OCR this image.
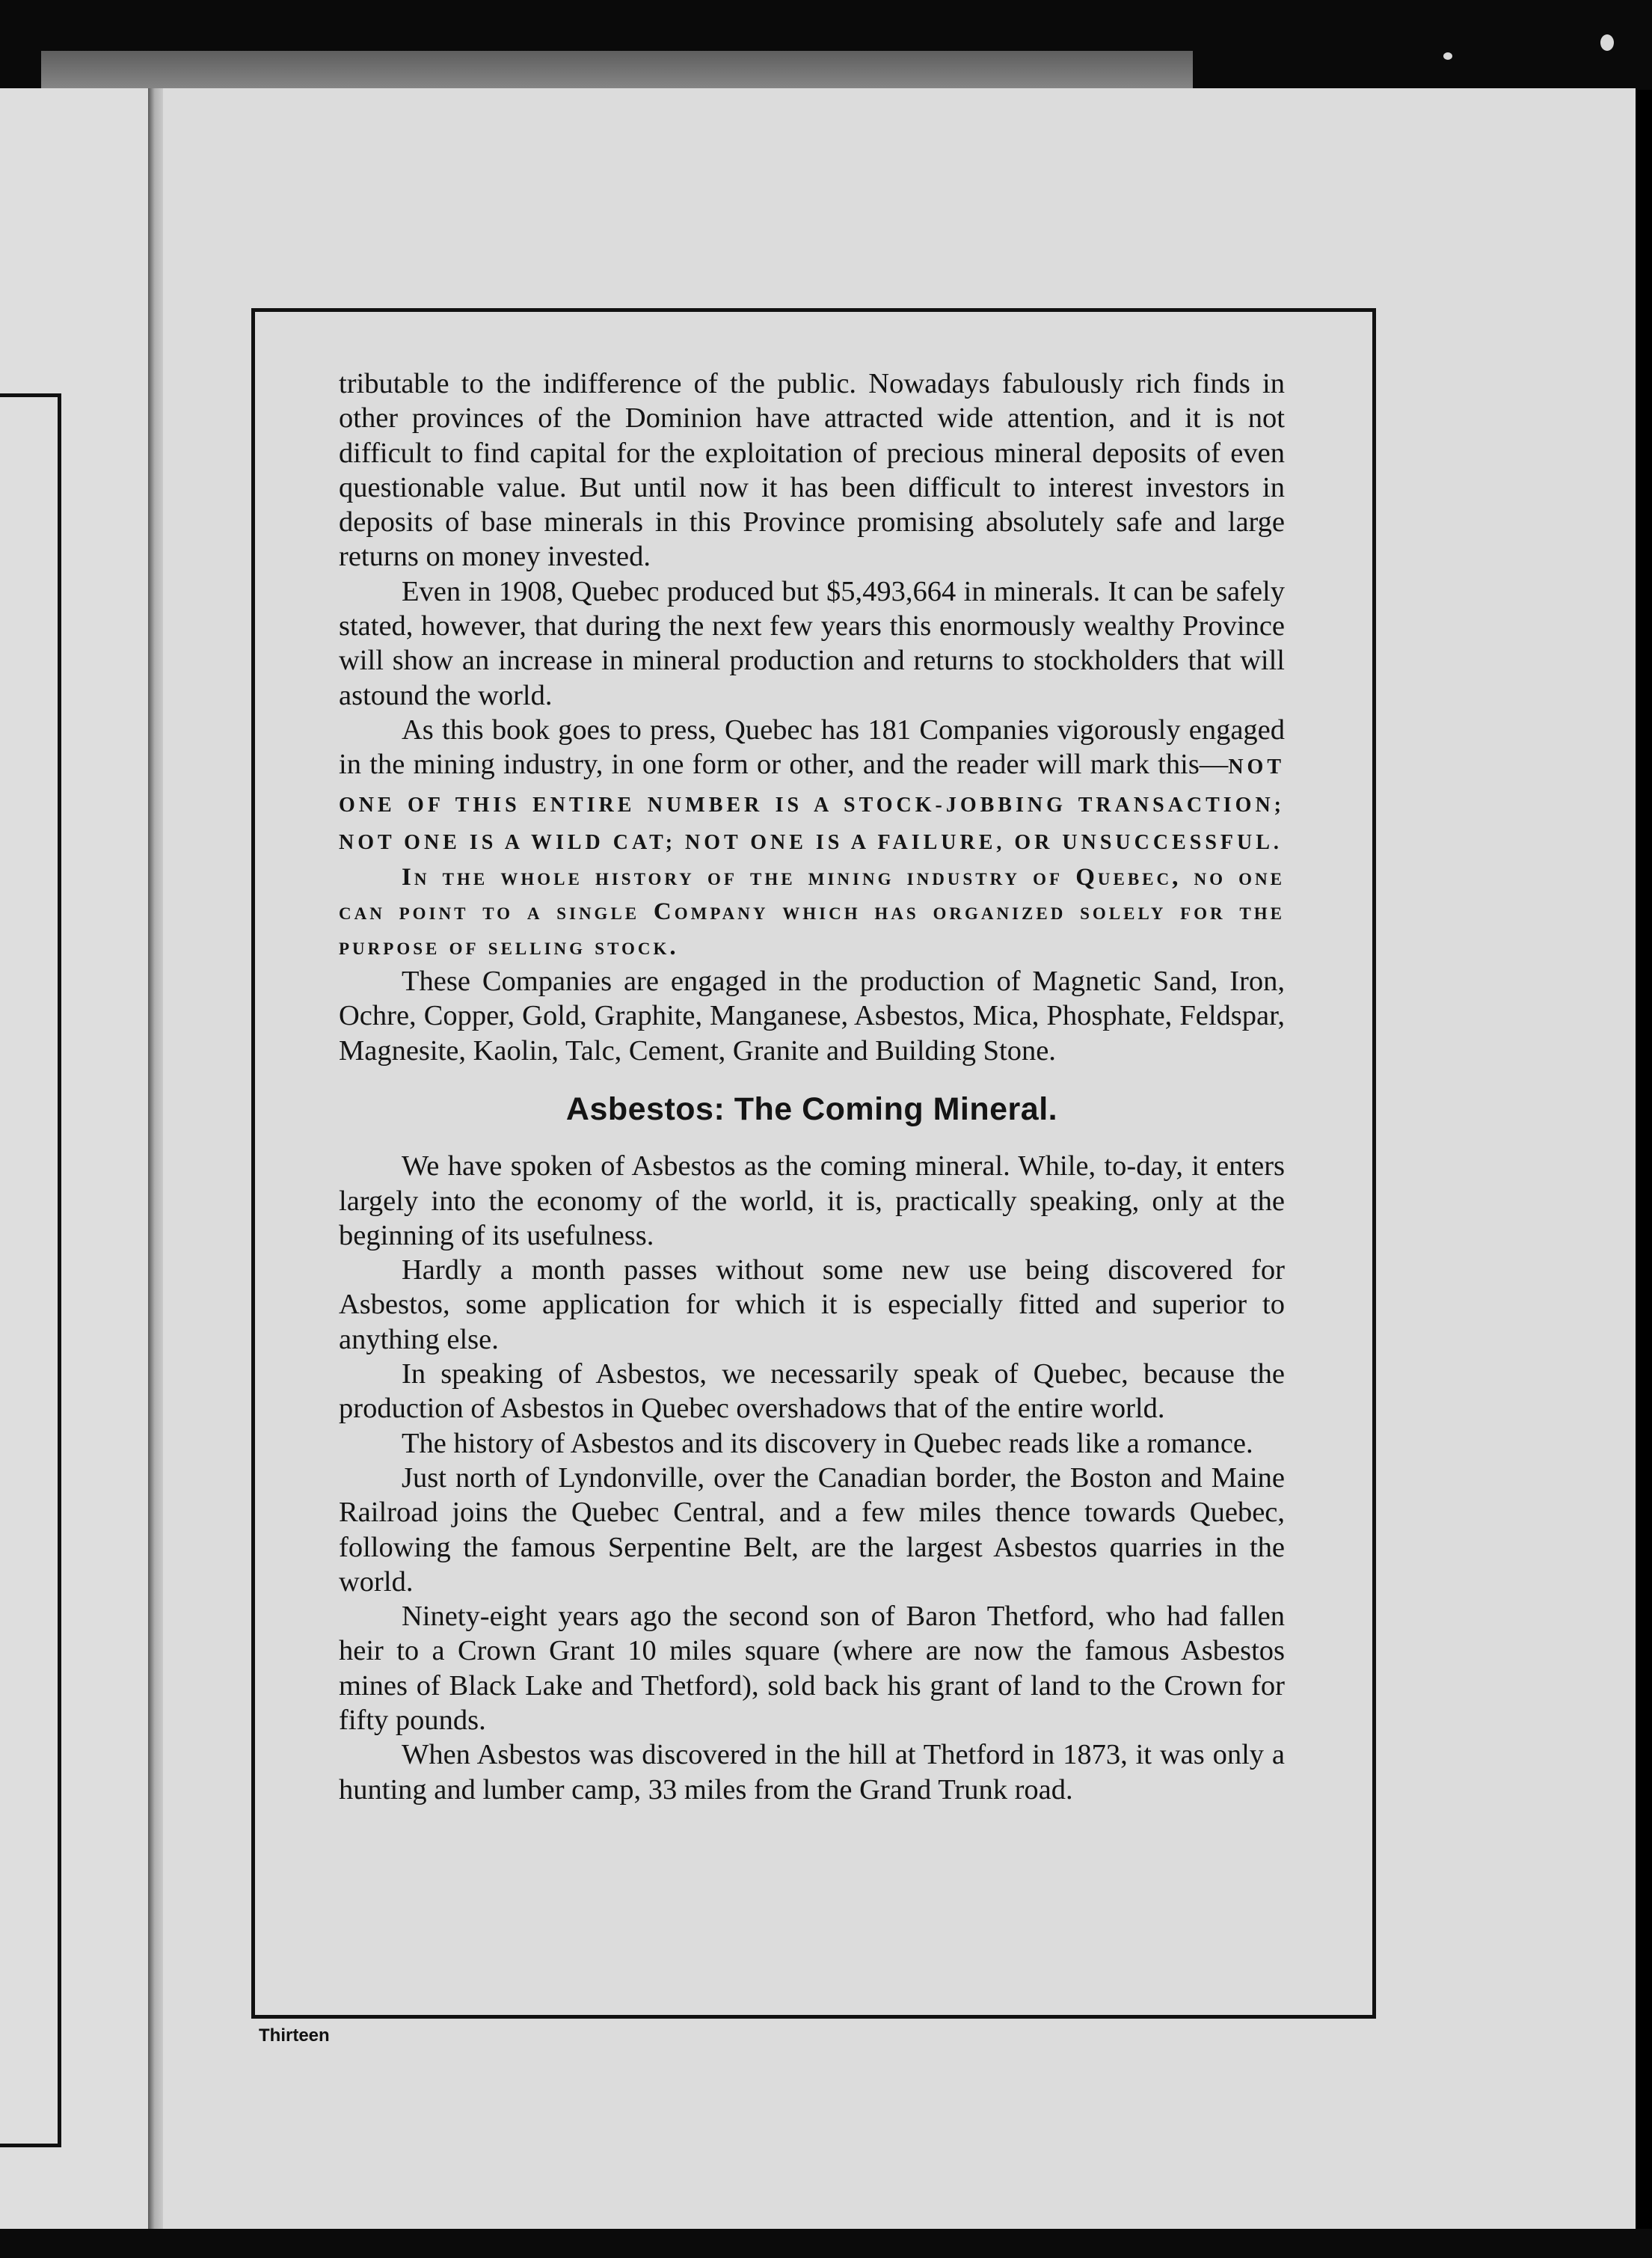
tributable to the indifference of the public. Nowadays fabulously rich finds in other provinces of the Dominion have attracted wide attention, and it is not difficult to find capital for the exploitation of precious mineral deposits of even questionable value. But until now it has been difficult to interest investors in deposits of base minerals in this Province promising absolutely safe and large returns on money invested.

Even in 1908, Quebec produced but $5,493,664 in minerals. It can be safely stated, however, that during the next few years this enormously wealthy Province will show an increase in mineral production and returns to stockholders that will astound the world.

As this book goes to press, Quebec has 181 Companies vigorously engaged in the mining industry, in one form or other, and the reader will mark this—NOT ONE OF THIS ENTIRE NUMBER IS A STOCK-JOBBING TRANSACTION; NOT ONE IS A WILD CAT; NOT ONE IS A FAILURE, OR UNSUCCESSFUL.

In the whole history of the mining industry of Quebec, no one can point to a single Company which has organized solely for the purpose of selling stock.

These Companies are engaged in the production of Magnetic Sand, Iron, Ochre, Copper, Gold, Graphite, Manganese, Asbestos, Mica, Phosphate, Feldspar, Magnesite, Kaolin, Talc, Cement, Granite and Building Stone.

Asbestos: The Coming Mineral.

We have spoken of Asbestos as the coming mineral. While, to-day, it enters largely into the economy of the world, it is, practically speaking, only at the beginning of its usefulness.

Hardly a month passes without some new use being discovered for Asbestos, some application for which it is especially fitted and superior to anything else.

In speaking of Asbestos, we necessarily speak of Quebec, because the production of Asbestos in Quebec overshadows that of the entire world.

The history of Asbestos and its discovery in Quebec reads like a romance.

Just north of Lyndonville, over the Canadian border, the Boston and Maine Railroad joins the Quebec Central, and a few miles thence towards Quebec, following the famous Serpentine Belt, are the largest Asbestos quarries in the world.

Ninety-eight years ago the second son of Baron Thetford, who had fallen heir to a Crown Grant 10 miles square (where are now the famous Asbestos mines of Black Lake and Thetford), sold back his grant of land to the Crown for fifty pounds.

When Asbestos was discovered in the hill at Thetford in 1873, it was only a hunting and lumber camp, 33 miles from the Grand Trunk road.

Thirteen
